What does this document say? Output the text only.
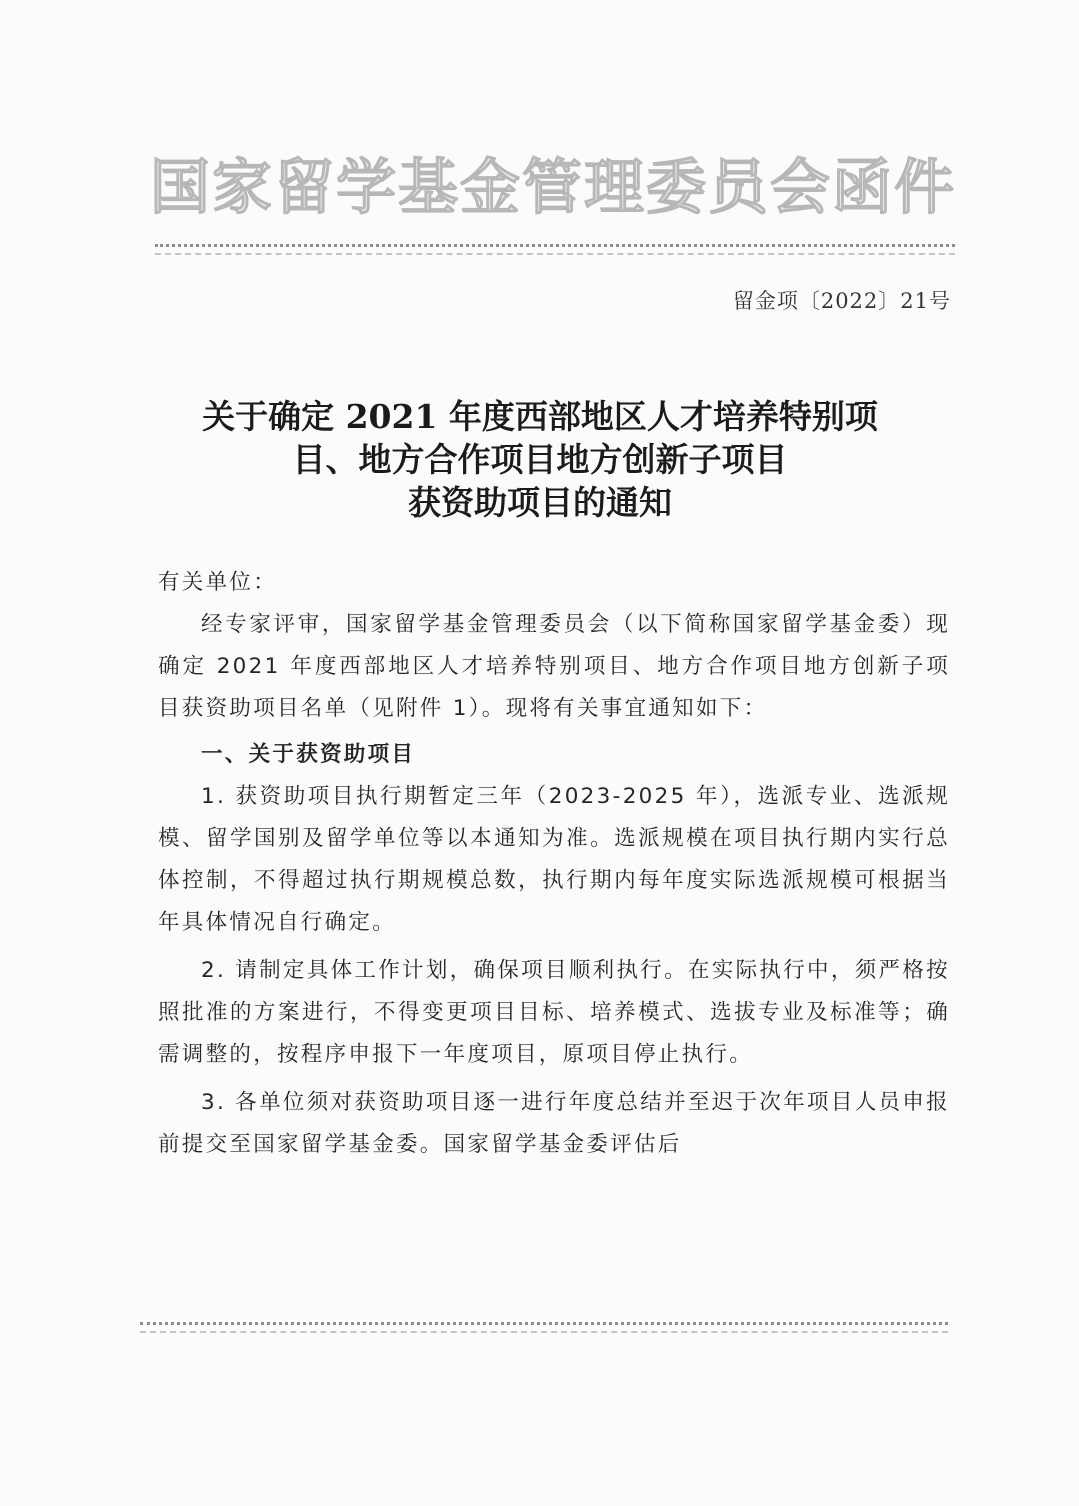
国家留学基金管理委员会函件
留金项〔2022〕21号
关于确定 2021 年度西部地区人才培养特别项
目、地方合作项目地方创新子项目
获资助项目的通知

有关单位：

经专家评审，国家留学基金管理委员会（以下简称国家留学基金委）现确定 2021 年度西部地区人才培养特别项目、地方合作项目地方创新子项目获资助项目名单（见附件 1）。现将有关事宜通知如下：

一、关于获资助项目

1. 获资助项目执行期暂定三年（2023-2025 年），选派专业、选派规模、留学国别及留学单位等以本通知为准。选派规模在项目执行期内实行总体控制，不得超过执行期规模总数，执行期内每年度实际选派规模可根据当年具体情况自行确定。

2. 请制定具体工作计划，确保项目顺利执行。在实际执行中，须严格按照批准的方案进行，不得变更项目目标、培养模式、选拔专业及标准等；确需调整的，按程序申报下一年度项目，原项目停止执行。

3. 各单位须对获资助项目逐一进行年度总结并至迟于次年项目人员申报前提交至国家留学基金委。国家留学基金委评估后
